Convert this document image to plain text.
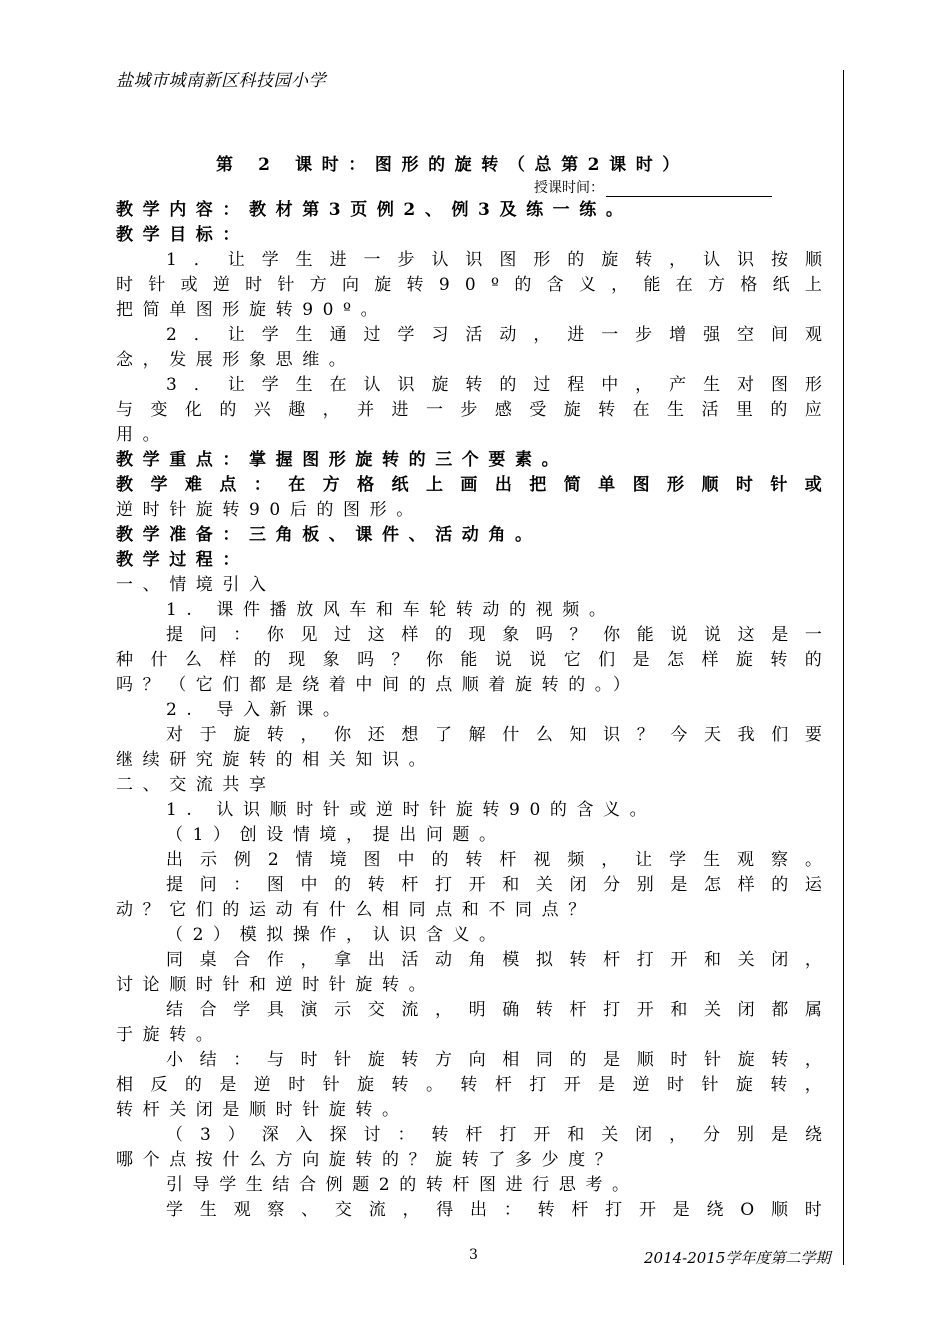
盐城市城南新区科技园小学
第 2 课时：图形的旋转（总第2课时）
授课时间：
教学内容：教材第3页例2、例3及练一练。
教学目标：
1 ． 让 学 生 进 一 步 认 识 图 形 的 旋 转 ， 认 识 按 顺
时 针 或 逆 时 针 方 向 旋 转 9 0 º 的 含 义 ， 能 在 方 格 纸 上
把简单图形旋转90º。
2 ． 让 学 生 通 过 学 习 活 动 ， 进 一 步 增 强 空 间 观
念，发展形象思维。
3 ． 让 学 生 在 认 识 旋 转 的 过 程 中 ， 产 生 对 图 形
与 变 化 的 兴 趣 ， 并 进 一 步 感 受 旋 转 在 生 活 里 的 应
用。
教学重点：掌握图形旋转的三个要素。
教 学 难 点 ： 在 方 格 纸 上 画 出 把 简 单 图 形 顺 时 针 或
逆时针旋转90后的图形。
教学准备：三角板、课件、活动角。
教学过程：
一、情境引入
1. 课件播放风车和车轮转动的视频。
提 问 ： 你 见 过 这 样 的 现 象 吗 ？ 你 能 说 说 这 是 一
种 什 么 样 的 现 象 吗 ？ 你 能 说 说 它 们 是 怎 样 旋 转 的
吗？（它们都是绕着中间的点顺着旋转的。）
2. 导入新课。
对 于 旋 转 ， 你 还 想 了 解 什 么 知 识 ？ 今 天 我 们 要
继续研究旋转的相关知识。
二、交流共享
1. 认识顺时针或逆时针旋转90的含义。
（1）创设情境，提出问题。
出 示 例 2 情 境 图 中 的 转 杆 视 频 ， 让 学 生 观 察 。
提 问 ： 图 中 的 转 杆 打 开 和 关 闭 分 别 是 怎 样 的 运
动？它们的运动有什么相同点和不同点？
（2）模拟操作，认识含义。
同 桌 合 作 ， 拿 出 活 动 角 模 拟 转 杆 打 开 和 关 闭 ，
讨论顺时针和逆时针旋转。
结 合 学 具 演 示 交 流 ， 明 确 转 杆 打 开 和 关 闭 都 属
于旋转。
小 结 ： 与 时 针 旋 转 方 向 相 同 的 是 顺 时 针 旋 转 ，
相 反 的 是 逆 时 针 旋 转 。 转 杆 打 开 是 逆 时 针 旋 转 ，
转杆关闭是顺时针旋转。
（ 3 ） 深 入 探 讨 ： 转 杆 打 开 和 关 闭 ， 分 别 是 绕
哪个点按什么方向旋转的？旋转了多少度？
引导学生结合例题2的转杆图进行思考。
学 生 观 察 、 交 流 ， 得 出 ： 转 杆 打 开 是 绕 O 顺 时
3	2014-2015学年度第二学期
